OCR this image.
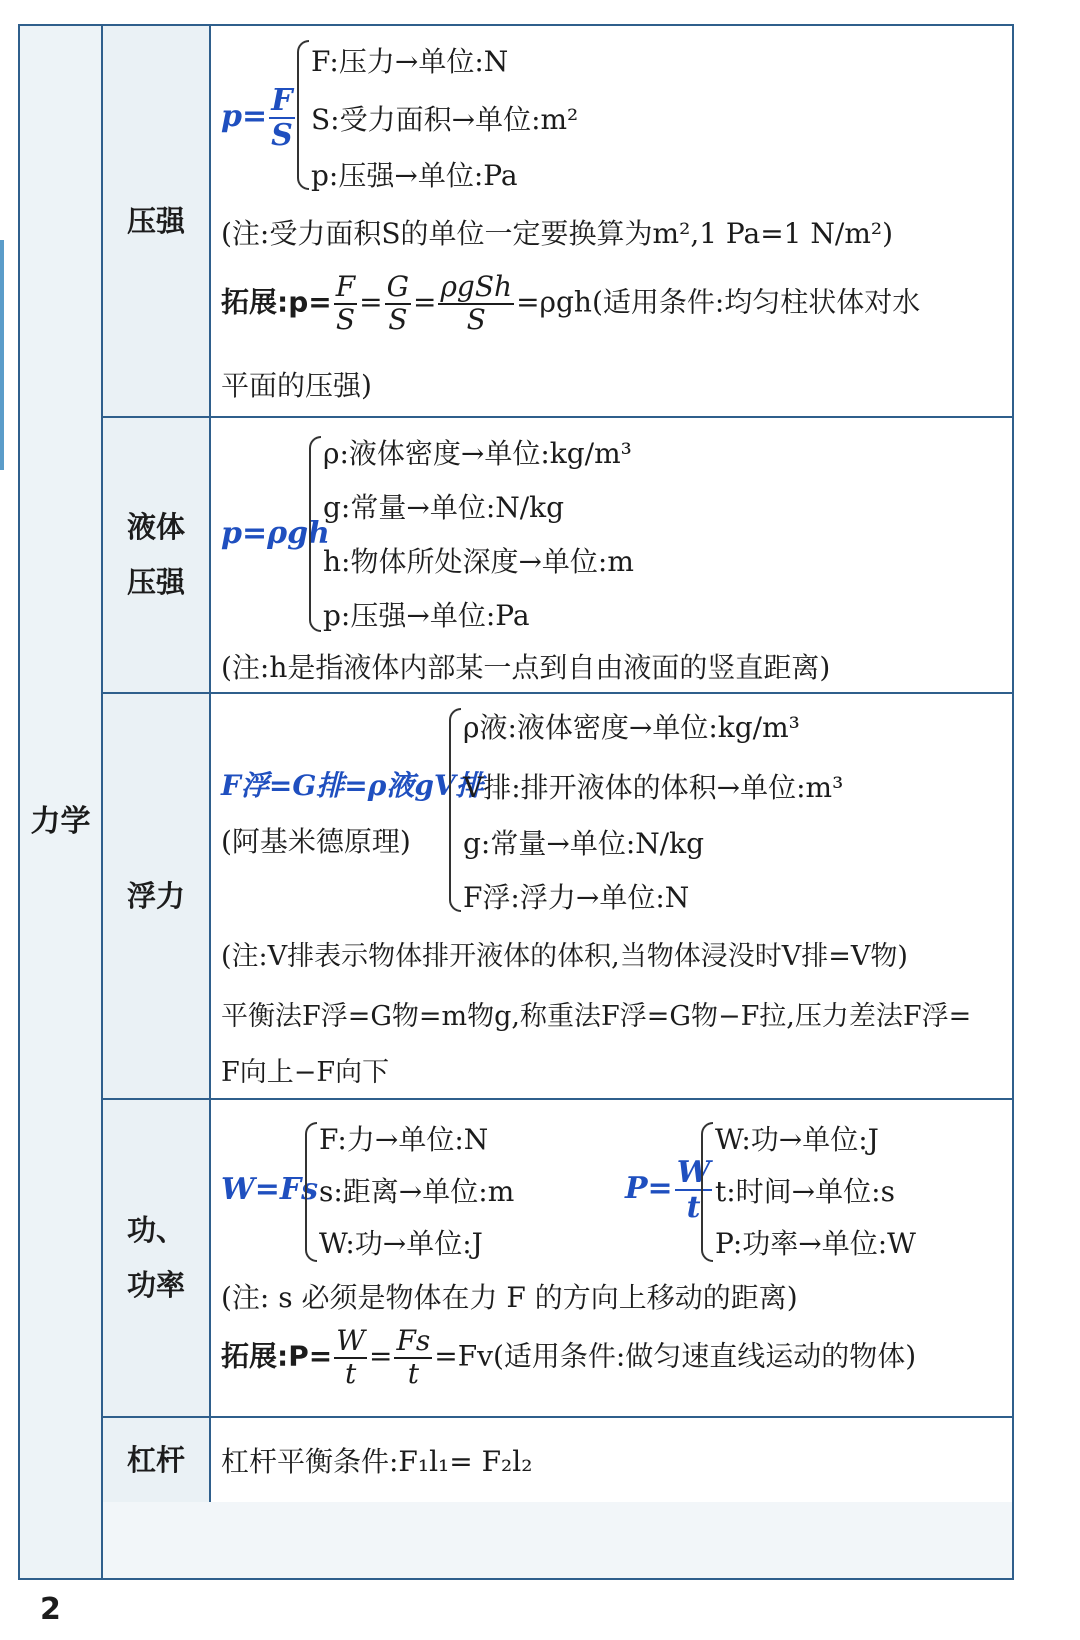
力学
压强
$p= \frac{F}{S}$
F:压力→单位:N
S:受力面积→单位:m²
p:压强→单位:Pa
(注:受力面积S的单位一定要换算为m²,1 Pa=1 N/m²)
拓展:p= $\frac{F}{S} = \frac{G}{S} = \frac{\text{ρgSh}}{S} =\rho gh$(适用条件:均匀柱状体对水
平面的压强)
液体
压强
p=ρgh
ρ:液体密度→单位:kg/m³
g:常量→单位:N/kg
h:物体所处深度→单位:m
p:压强→单位:Pa
(注:h是指液体内部某一点到自由液面的竖直距离)
浮力
F浮=G排=ρ液gV排
(阿基米德原理)
ρ液:液体密度→单位:kg/m³
V排:排开液体的体积→单位:m³
g:常量→单位:N/kg
F浮:浮力→单位:N
(注:V排表示物体排开液体的体积,当物体浸没时V排=V物)
平衡法F浮=G物=m物g,称重法F浮=G物−F拉,压力差法F浮=
F向上−F向下
功、
功率
W=Fs
F:力→单位:N
s:距离→单位:m
W:功→单位:J
$P= \frac{W}{t}$
W:功→单位:J
t:时间→单位:s
P:功率→单位:W
(注: s 必须是物体在力 F 的方向上移动的距离)
拓展:P= $\frac{W}{t} = \frac{Fs}{t} =Fv$(适用条件:做匀速直线运动的物体)
杠杆 杠杆平衡条件:F₁l₁= F₂l₂
2
